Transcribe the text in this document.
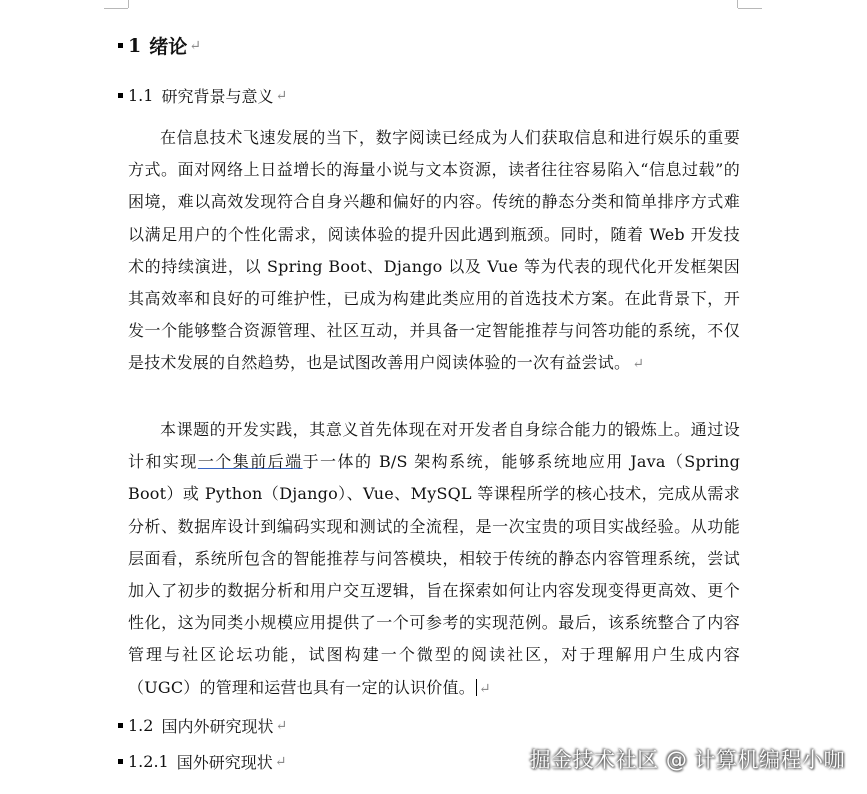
1 绪论 ↵
1.1 研究背景与意义 ↵
在信息技术飞速发展的当下，数字阅读已经成为人们获取信息和进行娱乐的重要方式。面对网络上日益增长的海量小说与文本资源，读者往往容易陷入“信息过载”的困境，难以高效发现符合自身兴趣和偏好的内容。传统的静态分类和简单排序方式难以满足用户的个性化需求，阅读体验的提升因此遇到瓶颈。同时，随着 Web 开发技术的持续演进，以 Spring Boot、Django 以及 Vue 等为代表的现代化开发框架因其高效率和良好的可维护性，已成为构建此类应用的首选技术方案。在此背景下，开发一个能够整合资源管理、社区互动，并具备一定智能推荐与问答功能的系统，不仅是技术发展的自然趋势，也是试图改善用户阅读体验的一次有益尝试。 ↵
本课题的开发实践，其意义首先体现在对开发者自身综合能力的锻炼上。通过设计和实现一个集前后端于一体的 B/S 架构系统，能够系统地应用 Java（Spring Boot）或 Python（Django）、Vue、MySQL 等课程所学的核心技术，完成从需求分析、数据库设计到编码实现和测试的全流程，是一次宝贵的项目实战经验。从功能层面看，系统所包含的智能推荐与问答模块，相较于传统的静态内容管理系统，尝试加入了初步的数据分析和用户交互逻辑，旨在探索如何让内容发现变得更高效、更个性化，这为同类小规模应用提供了一个可参考的实现范例。最后，该系统整合了内容管理与社区论坛功能，试图构建一个微型的阅读社区，对于理解用户生成内容（UGC）的管理和运营也具有一定的认识价值。 ↵
1.2 国内外研究现状 ↵
1.2.1 国外研究现状 ↵	掘金技术社区 @ 计算机编程小咖
